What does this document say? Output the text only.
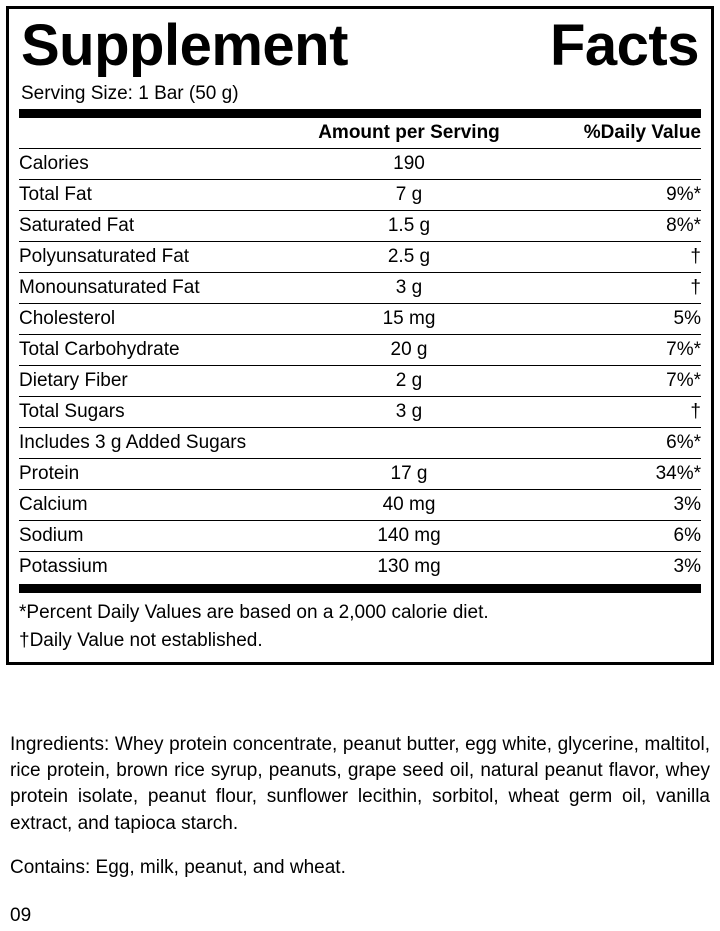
Supplement	Facts
Serving Size: 1 Bar (50 g)
	Amount per Serving	%Daily Value
Calories	190	
Total Fat	7 g	9%*
Saturated Fat	1.5 g	8%*
Polyunsaturated Fat	2.5 g	†
Monounsaturated Fat	3 g	†
Cholesterol	15 mg	5%
Total Carbohydrate	20 g	7%*
Dietary Fiber	2 g	7%*
Total Sugars	3 g	†
Includes 3 g Added Sugars		6%*
Protein	17 g	34%*
Calcium	40 mg	3%
Sodium	140 mg	6%
Potassium	130 mg	3%
*Percent Daily Values are based on a 2,000 calorie diet.
†Daily Value not established.

Ingredients: Whey protein concentrate, peanut butter, egg white, glycerine, maltitol, rice protein, brown rice syrup, peanuts, grape seed oil, natural peanut flavor, whey protein isolate, peanut flour, sunflower lecithin, sorbitol, wheat germ oil, vanilla extract, and tapioca starch.

Contains: Egg, milk, peanut, and wheat.
09
